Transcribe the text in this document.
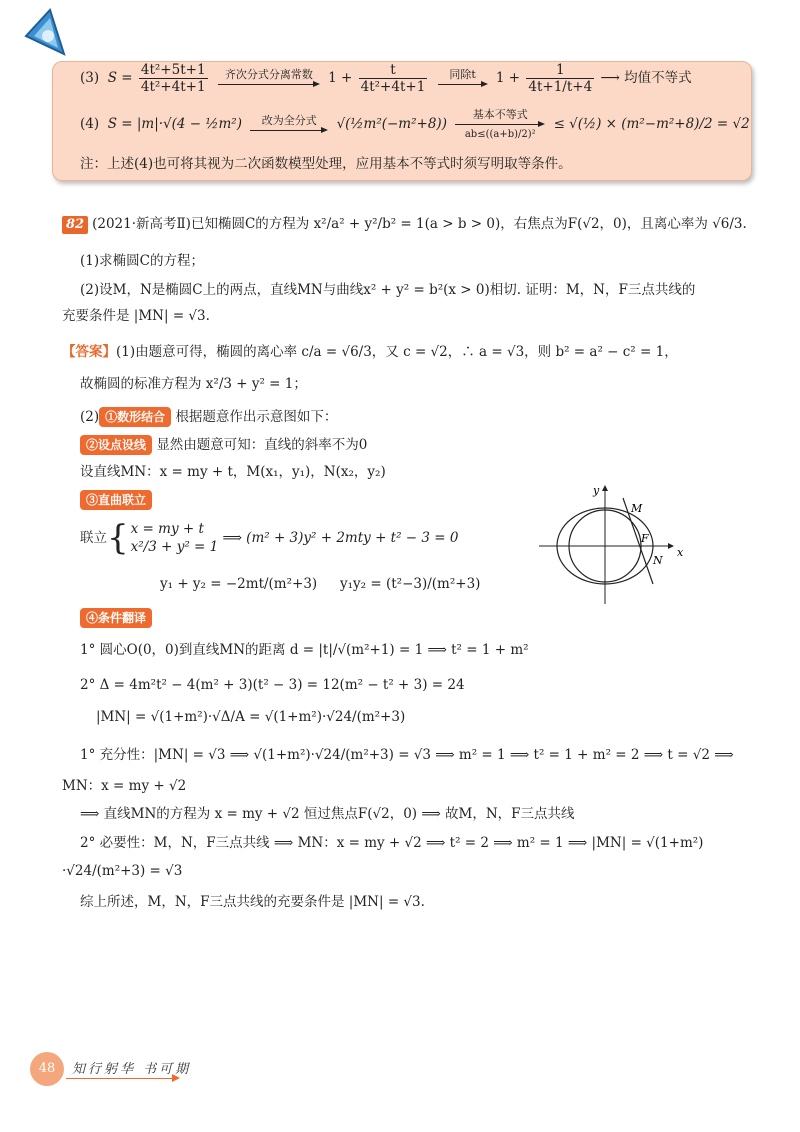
(3) $S = \frac{\text{4t²+5t+1}}{\text{4t²+4t+1}}$
	齐次分式分离常数	$1 + \frac{t}{\text{4t²+4t+1}}$
	同除t	$1 + \frac{1}{4t+1/t+4}$ ⟶ 均值不等式
(4) S = |m|·√(4 − ½m²)	改为全分式	√(½m²(−m²+8))
基本不等式
ab≤((a+b)/2)²
≤ √(½) × (m²−m²+8)/2 = √2
注：上述(4)也可将其视为二次函数模型处理，应用基本不等式时须写明取等条件。
82 (2021·新高考Ⅱ)已知椭圆C的方程为 x²/a² + y²/b² = 1(a > b > 0)，右焦点为F(√2，0)，且离心率为 √6/3.
(1)求椭圆C的方程；
(2)设M，N是椭圆C上的两点，直线MN与曲线x² + y² = b²(x > 0)相切. 证明：M，N，F三点共线的
充要条件是 |MN| = √3.
【答案】(1)由题意可得，椭圆的离心率 c/a = √6/3，又 c = √2，∴ a = √3，则 b² = a² − c² = 1，
故椭圆的标准方程为 x²/3 + y² = 1；
(2) ①数形结合 根据题意作出示意图如下：
②设点设线 显然由题意可知：直线的斜率不为0
设直线MN：x = my + t，M(x₁，y₁)，N(x₂，y₂)
③直曲联立
联立{ x = my + t
x²/3 + y² = 1
⟹ (m² + 3)y² + 2mty + t² − 3 = 0
y₁ + y₂ = −2mt/(m²+3) y₁y₂ = (t²−3)/(m²+3)
④条件翻译
1° 圆心O(0，0)到直线MN的距离 d = |t|/√(m²+1) = 1 ⟹ t² = 1 + m²
2° Δ = 4m²t² − 4(m² + 3)(t² − 3) = 12(m² − t² + 3) = 24
|MN| = √(1+m²)·√Δ/A = √(1+m²)·√24/(m²+3)
1° 充分性：|MN| = √3 ⟹ √(1+m²)·√24/(m²+3) = √3 ⟹ m² = 1 ⟹ t² = 1 + m² = 2 ⟹ t = √2 ⟹
MN：x = my + √2
⟹ 直线MN的方程为 x = my + √2 恒过焦点F(√2，0) ⟹ 故M，N，F三点共线
2° 必要性：M，N，F三点共线 ⟹ MN：x = my + √2 ⟹ t² = 2 ⟹ m² = 1 ⟹ |MN| = √(1+m²)
·√24/(m²+3) = √3
综上所述，M，N，F三点共线的充要条件是 |MN| = √3.
y
x
M
F
N
48	知行躬华 书可期
